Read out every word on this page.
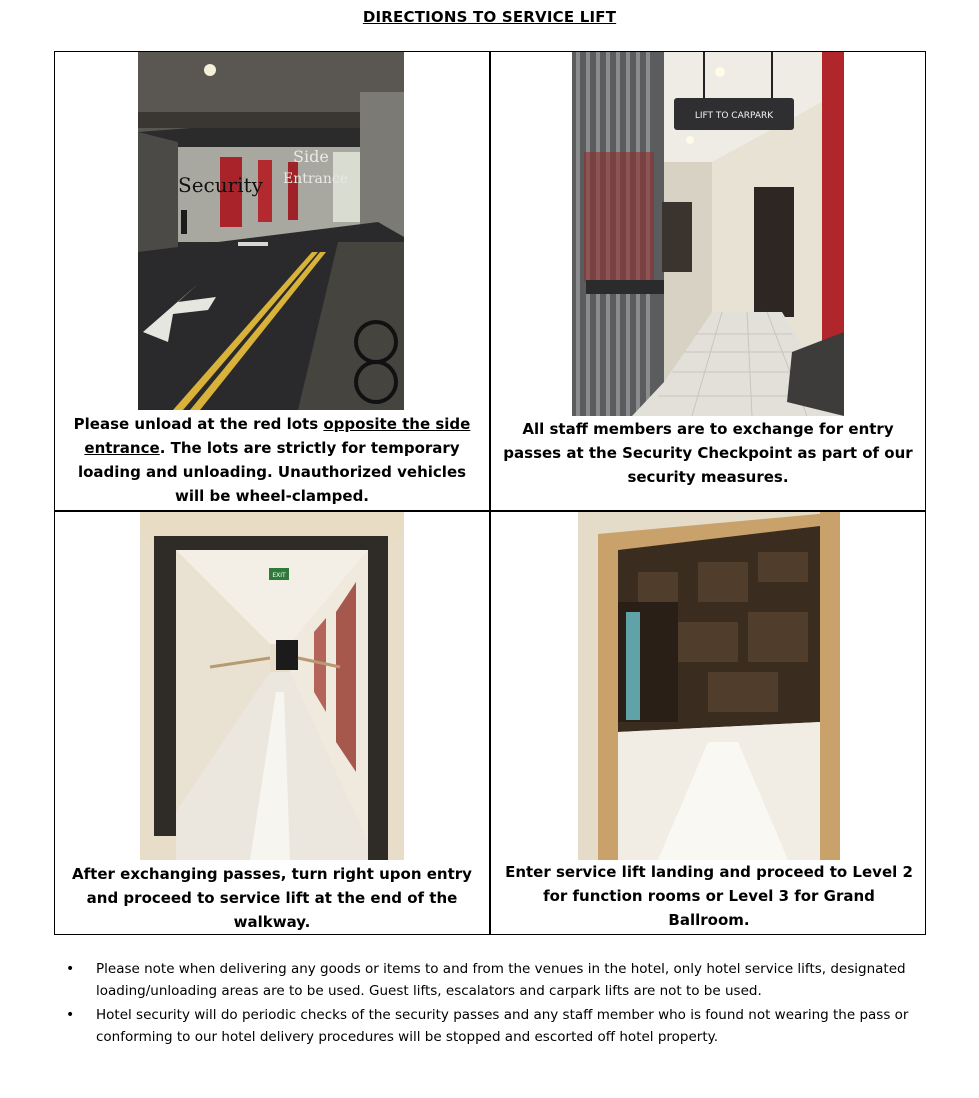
DIRECTIONS TO SERVICE LIFT
Side
Entrance
Security
Please unload at the red lots opposite the side entrance. The lots are strictly for temporary loading and unloading. Unauthorized vehicles will be wheel-clamped.
LIFT TO CARPARK
All staff members are to exchange for entry passes at the Security Checkpoint as part of our security measures.
EXIT
After exchanging passes, turn right upon entry and proceed to service lift at the end of the walkway.
Enter service lift landing and proceed to Level 2 for function rooms or Level 3 for Grand Ballroom.
• Please note when delivering any goods or items to and from the venues in the hotel, only hotel service lifts, designated loading/unloading areas are to be used. Guest lifts, escalators and carpark lifts are not to be used.
• Hotel security will do periodic checks of the security passes and any staff member who is found not wearing the pass or conforming to our hotel delivery procedures will be stopped and escorted off hotel property.
